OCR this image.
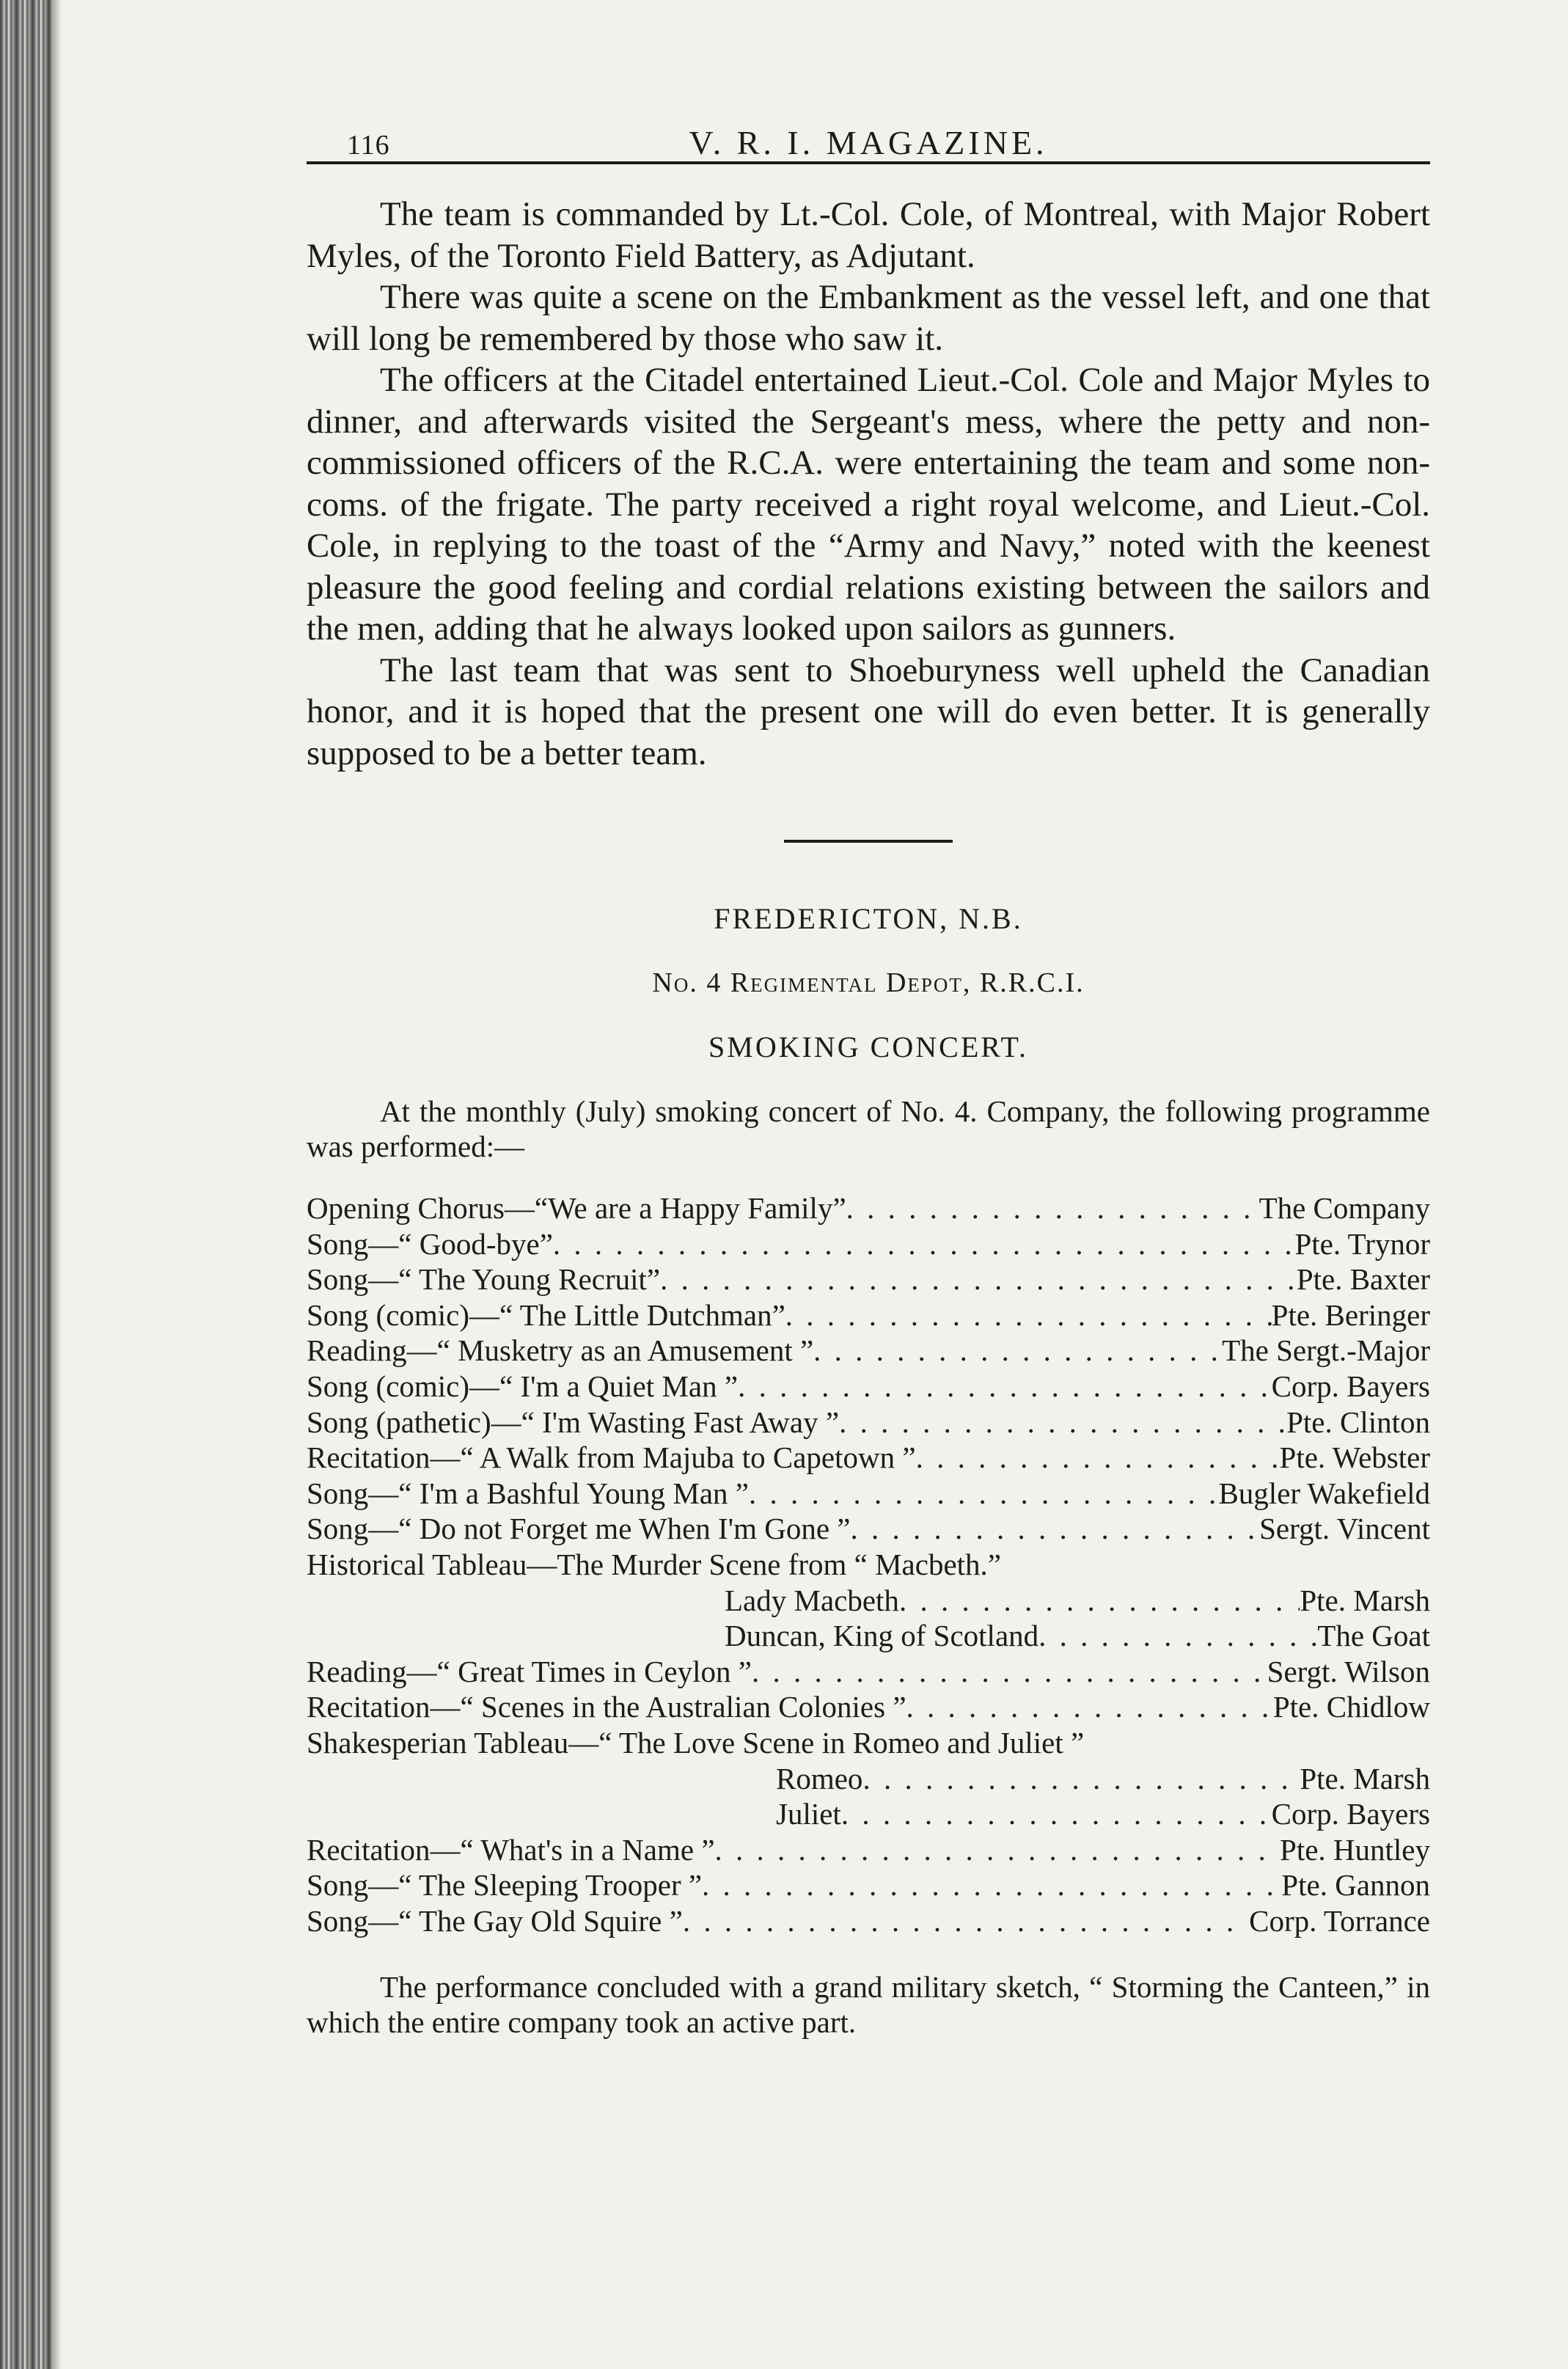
116	V. R. I. MAGAZINE.

The team is commanded by Lt.-Col. Cole, of Montreal, with Major Robert Myles, of the Toronto Field Battery, as Adjutant.

There was quite a scene on the Embankment as the vessel left, and one that will long be remembered by those who saw it.

The officers at the Citadel entertained Lieut.-Col. Cole and Major Myles to dinner, and afterwards visited the Sergeant's mess, where the petty and non-commissioned officers of the R.C.A. were entertaining the team and some non-coms. of the frigate. The party received a right royal welcome, and Lieut.-Col. Cole, in replying to the toast of the “Army and Navy,” noted with the keenest pleasure the good feeling and cordial relations existing between the sailors and the men, adding that he always looked upon sailors as gunners.

The last team that was sent to Shoeburyness well upheld the Canadian honor, and it is hoped that the present one will do even better. It is generally supposed to be a better team.

FREDERICTON, N.B.
No. 4 Regimental Depot, R.R.C.I.
SMOKING CONCERT.

At the monthly (July) smoking concert of No. 4. Company, the following programme was performed:—

Opening Chorus—“We are a Happy Family” . . .	The Company
Song—“ Good-bye” . . .	Pte. Trynor
Song—“ The Young Recruit” . . .	Pte. Baxter
Song (comic)—“ The Little Dutchman” . . .	Pte. Beringer
Reading—“ Musketry as an Amusement ” . . .	The Sergt.-Major
Song (comic)—“ I'm a Quiet Man ” . . .	Corp. Bayers
Song (pathetic)—“ I'm Wasting Fast Away ” . . .	Pte. Clinton
Recitation—“ A Walk from Majuba to Capetown ” . . .	Pte. Webster
Song—“ I'm a Bashful Young Man ” . . .	Bugler Wakefield
Song—“ Do not Forget me When I'm Gone ” . . .	Sergt. Vincent
Historical Tableau—The Murder Scene from “ Macbeth.”
Lady Macbeth . . .	Pte. Marsh
Duncan, King of Scotland . . .	The Goat
Reading—“ Great Times in Ceylon ” . . .	Sergt. Wilson
Recitation—“ Scenes in the Australian Colonies ” . . .	Pte. Chidlow
Shakesperian Tableau—“ The Love Scene in Romeo and Juliet ”
Romeo . . .	Pte. Marsh
Juliet . . .	Corp. Bayers
Recitation—“ What's in a Name ” . . .	Pte. Huntley
Song—“ The Sleeping Trooper ” . . .	Pte. Gannon
Song—“ The Gay Old Squire ” . . .	Corp. Torrance

The performance concluded with a grand military sketch, “ Storming the Canteen,” in which the entire company took an active part.
